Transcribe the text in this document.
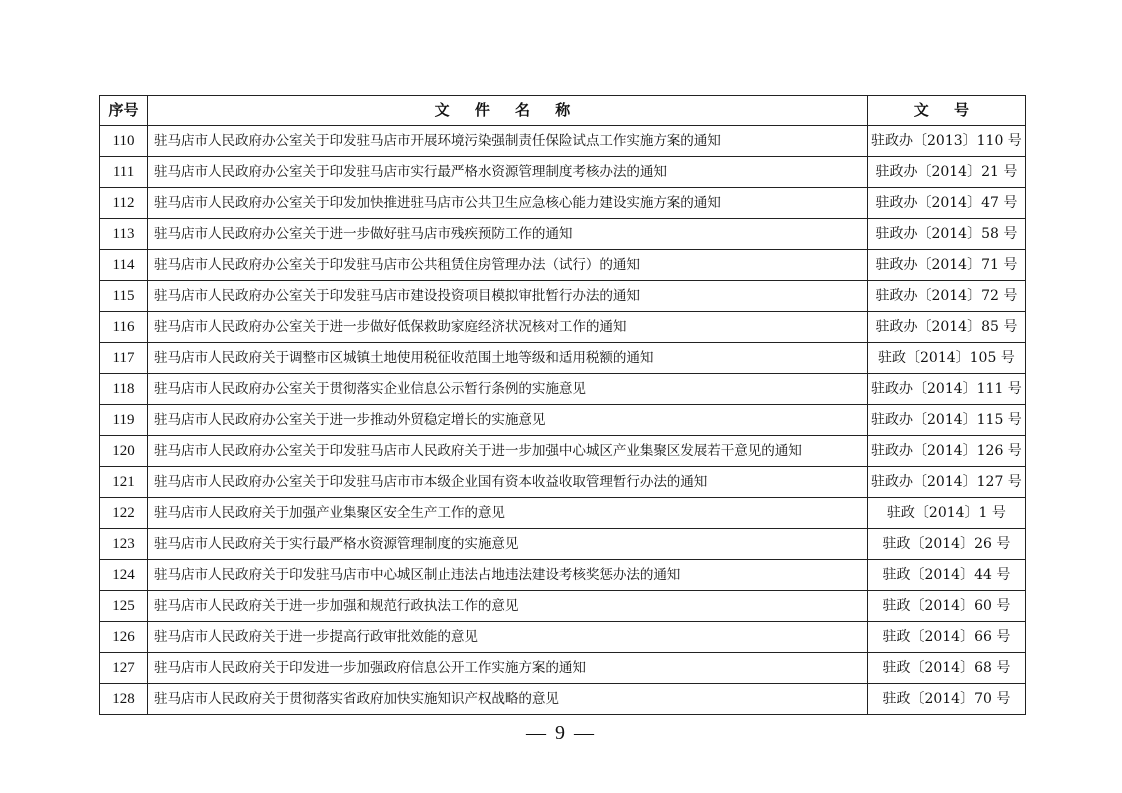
序号	文 件 名 称	文 号
110	驻马店市人民政府办公室关于印发驻马店市开展环境污染强制责任保险试点工作实施方案的通知	驻政办〔2013〕110 号
111	驻马店市人民政府办公室关于印发驻马店市实行最严格水资源管理制度考核办法的通知	驻政办〔2014〕21 号
112	驻马店市人民政府办公室关于印发加快推进驻马店市公共卫生应急核心能力建设实施方案的通知	驻政办〔2014〕47 号
113	驻马店市人民政府办公室关于进一步做好驻马店市残疾预防工作的通知	驻政办〔2014〕58 号
114	驻马店市人民政府办公室关于印发驻马店市公共租赁住房管理办法（试行）的通知	驻政办〔2014〕71 号
115	驻马店市人民政府办公室关于印发驻马店市建设投资项目模拟审批暂行办法的通知	驻政办〔2014〕72 号
116	驻马店市人民政府办公室关于进一步做好低保救助家庭经济状况核对工作的通知	驻政办〔2014〕85 号
117	驻马店市人民政府关于调整市区城镇土地使用税征收范围土地等级和适用税额的通知	驻政〔2014〕105 号
118	驻马店市人民政府办公室关于贯彻落实企业信息公示暂行条例的实施意见	驻政办〔2014〕111 号
119	驻马店市人民政府办公室关于进一步推动外贸稳定增长的实施意见	驻政办〔2014〕115 号
120	驻马店市人民政府办公室关于印发驻马店市人民政府关于进一步加强中心城区产业集聚区发展若干意见的通知	驻政办〔2014〕126 号
121	驻马店市人民政府办公室关于印发驻马店市市本级企业国有资本收益收取管理暂行办法的通知	驻政办〔2014〕127 号
122	驻马店市人民政府关于加强产业集聚区安全生产工作的意见	驻政〔2014〕1 号
123	驻马店市人民政府关于实行最严格水资源管理制度的实施意见	驻政〔2014〕26 号
124	驻马店市人民政府关于印发驻马店市中心城区制止违法占地违法建设考核奖惩办法的通知	驻政〔2014〕44 号
125	驻马店市人民政府关于进一步加强和规范行政执法工作的意见	驻政〔2014〕60 号
126	驻马店市人民政府关于进一步提高行政审批效能的意见	驻政〔2014〕66 号
127	驻马店市人民政府关于印发进一步加强政府信息公开工作实施方案的通知	驻政〔2014〕68 号
128	驻马店市人民政府关于贯彻落实省政府加快实施知识产权战略的意见	驻政〔2014〕70 号
— 9 —
